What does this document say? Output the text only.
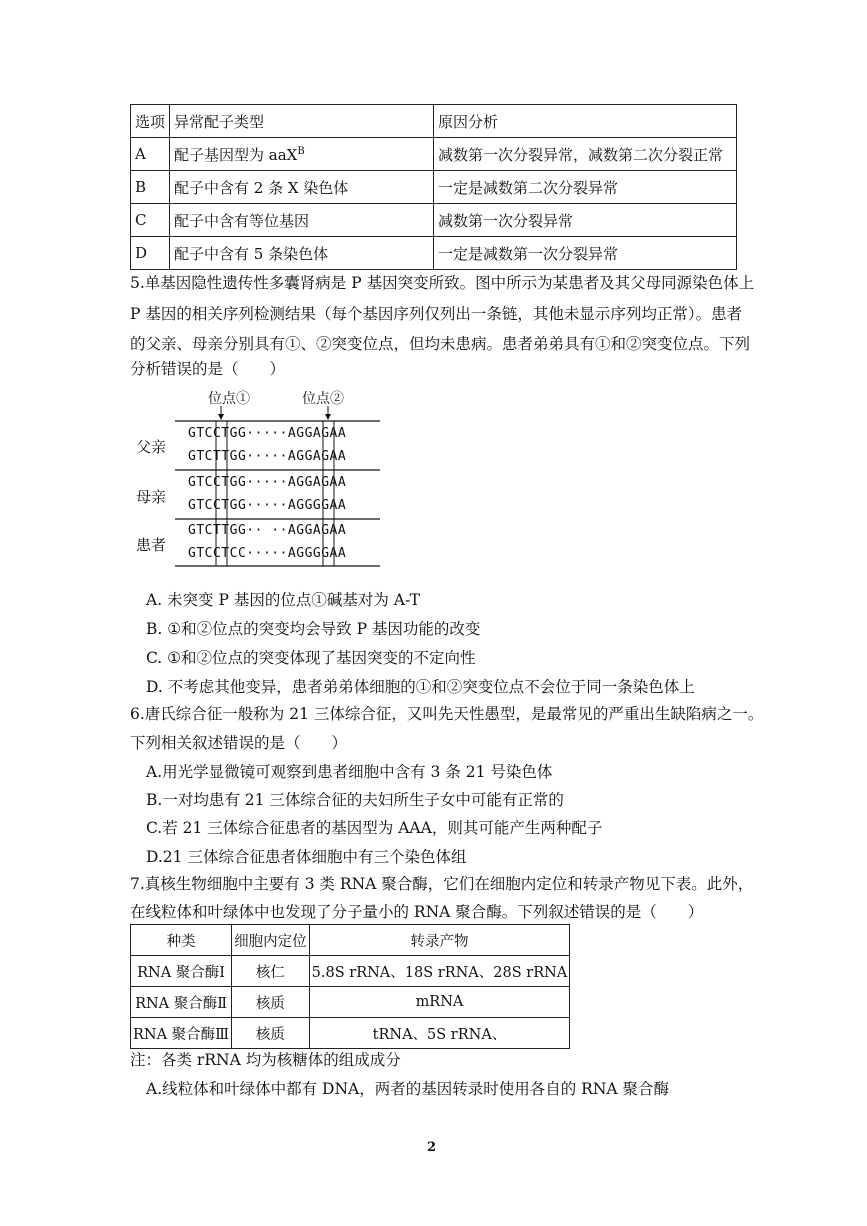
选项	异常配子类型	原因分析
A	配子基因型为 aaX$^B$	减数第一次分裂异常，减数第二次分裂正常
B	配子中含有 2 条 X 染色体	一定是减数第二次分裂异常
C	配子中含有等位基因	减数第一次分裂异常
D	配子中含有 5 条染色体	一定是减数第一次分裂异常
5.单基因隐性遗传性多囊肾病是 P 基因突变所致。图中所示为某患者及其父母同源染色体上
P 基因的相关序列检测结果（每个基因序列仅列出一条链，其他未显示序列均正常）。患者
的父亲、母亲分别具有①、②突变位点，但均未患病。患者弟弟具有①和②突变位点。下列
分析错误的是（　　）
位点①	位点②
父亲
母亲
患者
GTCCTGG·····AGGAGAA
GTCTTGG·····AGGAGAA
GTCCTGG·····AGGAGAA
GTCCTGG·····AGGGGAA
GTCTTGG·· ··AGGAGAA
GTCCTCC·····AGGGGAA
A. 未突变 P 基因的位点①碱基对为 A-T
B. ①和②位点的突变均会导致 P 基因功能的改变
C. ①和②位点的突变体现了基因突变的不定向性
D. 不考虑其他变异，患者弟弟体细胞的①和②突变位点不会位于同一条染色体上
6.唐氏综合征一般称为 21 三体综合征，又叫先天性愚型，是最常见的严重出生缺陷病之一。
下列相关叙述错误的是（　　）
A.用光学显微镜可观察到患者细胞中含有 3 条 21 号染色体
B.一对均患有 21 三体综合征的夫妇所生子女中可能有正常的
C.若 21 三体综合征患者的基因型为 AAA，则其可能产生两种配子
D.21 三体综合征患者体细胞中有三个染色体组
7.真核生物细胞中主要有 3 类 RNA 聚合酶，它们在细胞内定位和转录产物见下表。此外，
在线粒体和叶绿体中也发现了分子量小的 RNA 聚合酶。下列叙述错误的是（　　）
种类	细胞内定位	转录产物
RNA 聚合酶Ⅰ	核仁	5.8S rRNA、18S rRNA、28S rRNA
RNA 聚合酶Ⅱ	核质	mRNA
RNA 聚合酶Ⅲ	核质	tRNA、5S rRNA、
注：各类 rRNA 均为核糖体的组成成分
A.线粒体和叶绿体中都有 DNA，两者的基因转录时使用各自的 RNA 聚合酶
2
